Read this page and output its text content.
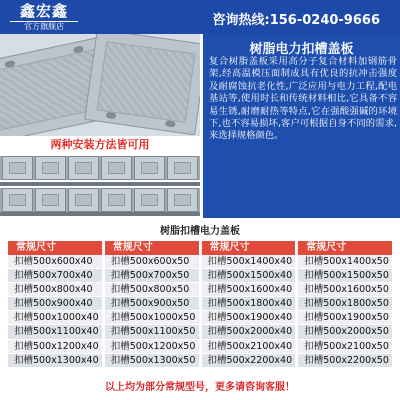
鑫宏鑫
官方旗舰店	咨询热线:156-0240-9666
两种安装方法皆可用
树脂电力扣槽盖板
复合树脂盖板采用高分子复合材料加钢筋骨架,经高温模压面制成具有优良的抗冲击强度及耐腐蚀抗老化性,广泛应用与电力工程,配电基站等,使用时长和传统材料相比,它具备不容易生锈,耐磨耐热等特点,它在强酸强碱的环境下,也不容易损坏,客户可根据自身不同的需求,来选择规格颜色。
树脂扣槽电力盖板
常规尺寸
扣槽500x600x40
扣槽500x700x40
扣槽500x800x40
扣槽500x900x40
扣槽500x1000x40
扣槽500x1100x40
扣槽500x1200x40
扣槽500x1300x40
常规尺寸
扣槽500x600x50
扣槽500x700x50
扣槽500x800x50
扣槽500x900x50
扣槽500x1000x50
扣槽500x1100x50
扣槽500x1200x50
扣槽500x1300x50
常规尺寸
扣槽500x1400x40
扣槽500x1500x40
扣槽500x1600x40
扣槽500x1800x40
扣槽500x1900x40
扣槽500x2000x40
扣槽500x2100x40
扣槽500x2200x40
常规尺寸
扣槽500x1400x50
扣槽500x1500x50
扣槽500x1600x50
扣槽500x1800x50
扣槽500x1900x50
扣槽500x2000x50
扣槽500x2100x50
扣槽500x2200x50
以上均为部分常规型号，更多请咨询客服！
